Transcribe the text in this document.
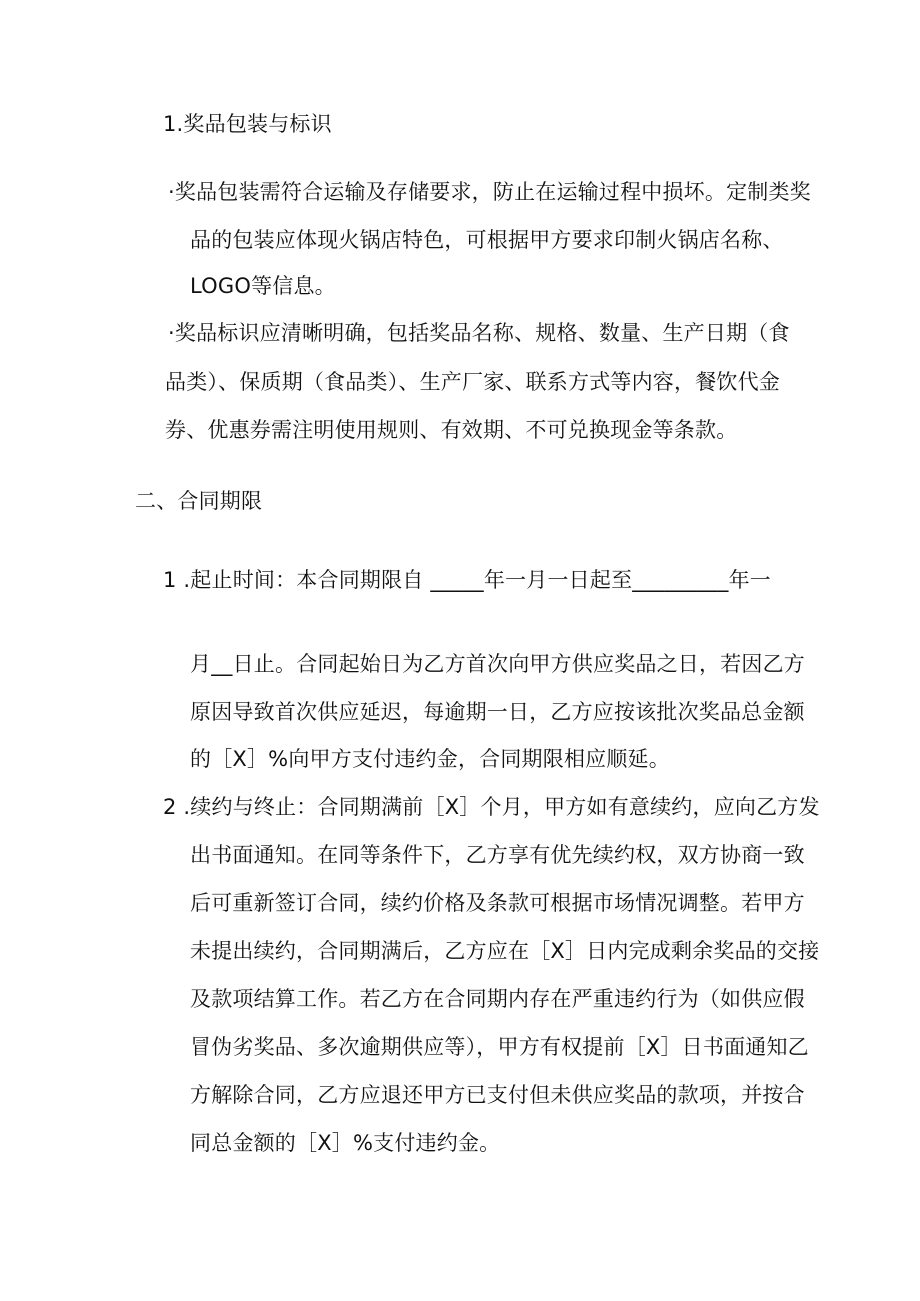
1.奖品包装与标识
·奖品包装需符合运输及存储要求，防止在运输过程中损坏。定制类奖
品的包装应体现火锅店特色，可根据甲方要求印制火锅店名称、
LOGO等信息。
·奖品标识应清晰明确，包括奖品名称、规格、数量、生产日期（食
品类）、保质期（食品类）、生产厂家、联系方式等内容，餐饮代金
券、优惠券需注明使用规则、有效期、不可兑换现金等条款。
二、合同期限
1 .起止时间：本合同期限自 _____年一月一日起至_________年一
月__日止。合同起始日为乙方首次向甲方供应奖品之日，若因乙方
原因导致首次供应延迟，每逾期一日，乙方应按该批次奖品总金额
的［X］%向甲方支付违约金，合同期限相应顺延。
2 .续约与终止：合同期满前［X］个月，甲方如有意续约，应向乙方发
出书面通知。在同等条件下，乙方享有优先续约权，双方协商一致
后可重新签订合同，续约价格及条款可根据市场情况调整。若甲方
未提出续约，合同期满后，乙方应在［X］日内完成剩余奖品的交接
及款项结算工作。若乙方在合同期内存在严重违约行为（如供应假
冒伪劣奖品、多次逾期供应等），甲方有权提前［X］日书面通知乙
方解除合同，乙方应退还甲方已支付但未供应奖品的款项，并按合
同总金额的［X］%支付违约金。
